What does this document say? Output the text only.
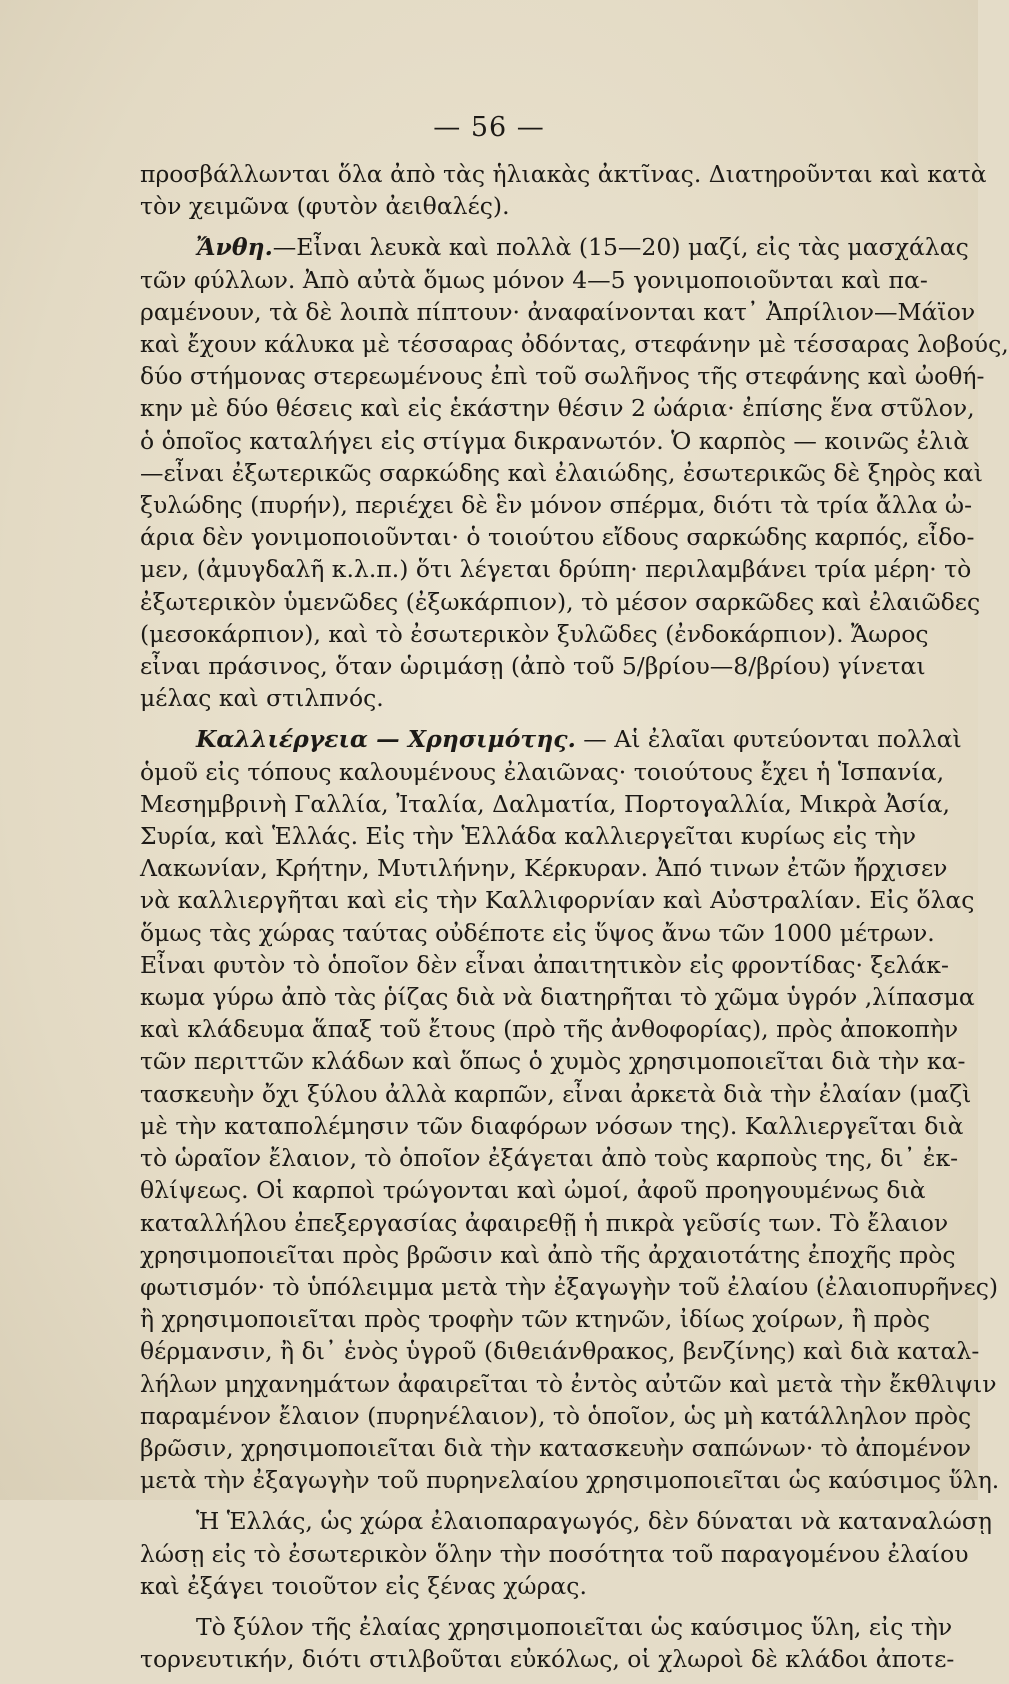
— 56 —

προσβάλλωνται ὅλα ἀπὸ τὰς ἡλιακὰς ἀκτῖνας. Διατηροῦνται καὶ κατὰ
τὸν χειμῶνα (φυτὸν ἀειθαλές).

Ἄνθη.—Εἶναι λευκὰ καὶ πολλὰ (15—20) μαζί, εἰς τὰς μασχάλας
τῶν φύλλων. Ἀπὸ αὐτὰ ὅμως μόνον 4—5 γονιμοποιοῦνται καὶ πα-
ραμένουν, τὰ δὲ λοιπὰ πίπτουν· ἀναφαίνονται κατ᾽ Ἀπρίλιον—Μάϊον
καὶ ἔχουν κάλυκα μὲ τέσσαρας ὀδόντας, στεφάνην μὲ τέσσαρας λοβούς,
δύο στήμονας στερεωμένους ἐπὶ τοῦ σωλῆνος τῆς στεφάνης καὶ ὠοθή-
κην μὲ δύο θέσεις καὶ εἰς ἑκάστην θέσιν 2 ὠάρια· ἐπίσης ἕνα στῦλον,
ὁ ὁποῖος καταλήγει εἰς στίγμα δικρανωτόν. Ὁ καρπὸς — κοινῶς ἐλιὰ
—εἶναι ἐξωτερικῶς σαρκώδης καὶ ἐλαιώδης, ἐσωτερικῶς δὲ ξηρὸς καὶ
ξυλώδης (πυρήν), περιέχει δὲ ἓν μόνον σπέρμα, διότι τὰ τρία ἄλλα ὠ-
άρια δὲν γονιμοποιοῦνται· ὁ τοιούτου εἴδους σαρκώδης καρπός, εἶδο-
μεν, (ἀμυγδαλῆ κ.λ.π.) ὅτι λέγεται δρύπη· περιλαμβάνει τρία μέρη· τὸ
ἐξωτερικὸν ὑμενῶδες (ἐξωκάρπιον), τὸ μέσον σαρκῶδες καὶ ἐλαιῶδες
(μεσοκάρπιον), καὶ τὸ ἐσωτερικὸν ξυλῶδες (ἐνδοκάρπιον). Ἄωρος
εἶναι πράσινος, ὅταν ὡριμάσῃ (ἀπὸ τοῦ 5/βρίου—8/βρίου) γίνεται
μέλας καὶ στιλπνός.

Καλλιέργεια — Χρησιμότης. — Αἱ ἐλαῖαι φυτεύονται πολλαὶ
ὁμοῦ εἰς τόπους καλουμένους ἐλαιῶνας· τοιούτους ἔχει ἡ Ἱσπανία,
Μεσημβρινὴ Γαλλία, Ἰταλία, Δαλματία, Πορτογαλλία, Μικρὰ Ἀσία,
Συρία, καὶ Ἑλλάς. Εἰς τὴν Ἑλλάδα καλλιεργεῖται κυρίως εἰς τὴν
Λακωνίαν, Κρήτην, Μυτιλήνην, Κέρκυραν. Ἀπό τινων ἐτῶν ἤρχισεν
νὰ καλλιεργῆται καὶ εἰς τὴν Καλλιφορνίαν καὶ Αὐστραλίαν. Εἰς ὅλας
ὅμως τὰς χώρας ταύτας οὐδέποτε εἰς ὕψος ἄνω τῶν 1000 μέτρων.
Εἶναι φυτὸν τὸ ὁποῖον δὲν εἶναι ἀπαιτητικὸν εἰς φροντίδας· ξελάκ-
κωμα γύρω ἀπὸ τὰς ῥίζας διὰ νὰ διατηρῆται τὸ χῶμα ὑγρόν ,λίπασμα
καὶ κλάδευμα ἅπαξ τοῦ ἔτους (πρὸ τῆς ἀνθοφορίας), πρὸς ἀποκοπὴν
τῶν περιττῶν κλάδων καὶ ὅπως ὁ χυμὸς χρησιμοποιεῖται διὰ τὴν κα-
τασκευὴν ὄχι ξύλου ἀλλὰ καρπῶν, εἶναι ἀρκετὰ διὰ τὴν ἐλαίαν (μαζὶ
μὲ τὴν καταπολέμησιν τῶν διαφόρων νόσων της). Καλλιεργεῖται διὰ
τὸ ὡραῖον ἔλαιον, τὸ ὁποῖον ἐξάγεται ἀπὸ τοὺς καρποὺς της, δι᾽ ἐκ-
θλίψεως. Οἱ καρποὶ τρώγονται καὶ ὠμοί, ἀφοῦ προηγουμένως διὰ
καταλλήλου ἐπεξεργασίας ἀφαιρεθῇ ἡ πικρὰ γεῦσίς των. Τὸ ἔλαιον
χρησιμοποιεῖται πρὸς βρῶσιν καὶ ἀπὸ τῆς ἀρχαιοτάτης ἐποχῆς πρὸς
φωτισμόν· τὸ ὑπόλειμμα μετὰ τὴν ἐξαγωγὴν τοῦ ἐλαίου (ἐλαιοπυρῆνες)
ἢ χρησιμοποιεῖται πρὸς τροφὴν τῶν κτηνῶν, ἰδίως χοίρων, ἢ πρὸς
θέρμανσιν, ἢ δι᾽ ἑνὸς ὑγροῦ (διθειάνθρακος, βενζίνης) καὶ διὰ καταλ-
λήλων μηχανημάτων ἀφαιρεῖται τὸ ἐντὸς αὐτῶν καὶ μετὰ τὴν ἔκθλιψιν
παραμένον ἔλαιον (πυρηνέλαιον), τὸ ὁποῖον, ὡς μὴ κατάλληλον πρὸς
βρῶσιν, χρησιμοποιεῖται διὰ τὴν κατασκευὴν σαπώνων· τὸ ἀπομένον
μετὰ τὴν ἐξαγωγὴν τοῦ πυρηνελαίου χρησιμοποιεῖται ὡς καύσιμος ὕλη.

Ἡ Ἑλλάς, ὡς χώρα ἐλαιοπαραγωγός, δὲν δύναται νὰ καταναλώσῃ
λώσῃ εἰς τὸ ἐσωτερικὸν ὅλην τὴν ποσότητα τοῦ παραγομένου ἐλαίου
καὶ ἐξάγει τοιοῦτον εἰς ξένας χώρας.

Τὸ ξύλον τῆς ἐλαίας χρησιμοποιεῖται ὡς καύσιμος ὕλη, εἰς τὴν
τορνευτικήν, διότι στιλβοῦται εὐκόλως, οἱ χλωροὶ δὲ κλάδοι ἀποτε-
